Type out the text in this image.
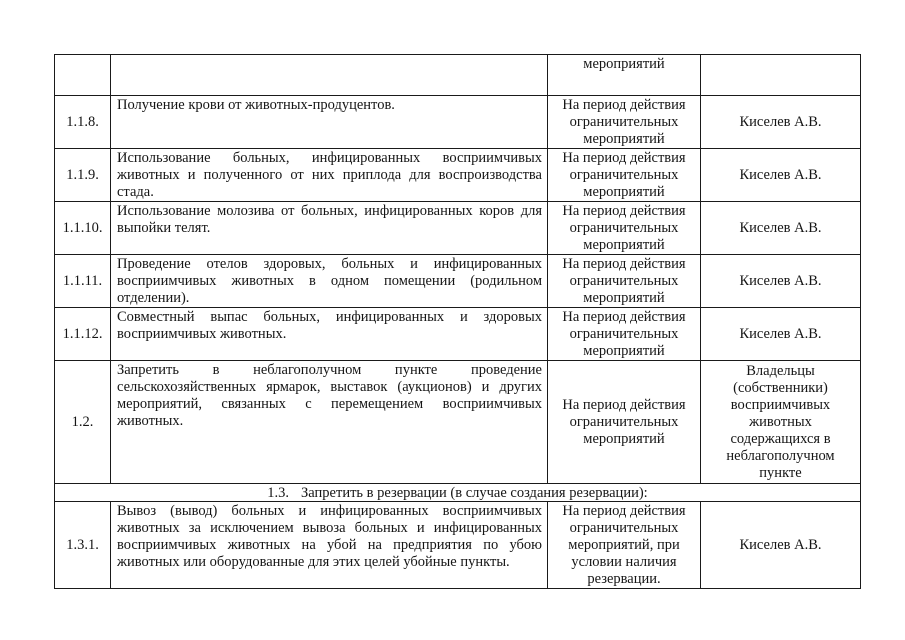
мероприятий
1.1.8.
Получение крови от животных-продуцентов.	На период действия ограничительных мероприятий
Киселев А.В.
1.1.9.
Использование больных, инфицированных восприимчивых животных и полученного от них приплода для воспроизводства стада.
На период действия ограничительных мероприятий
Киселев А.В.
1.1.10.
Использование молозива от больных, инфицированных коров для выпойки телят.
На период действия ограничительных мероприятий
Киселев А.В.
1.1.11.
Проведение отелов здоровых, больных и инфицированных восприимчивых животных в одном помещении (родильном отделении).
На период действия ограничительных мероприятий
Киселев А.В.
1.1.12.
Совместный выпас больных, инфицированных и здоровых восприимчивых животных.
На период действия ограничительных мероприятий
Киселев А.В.
1.2.
Запретить в неблагополучном пункте проведение сельскохозяйственных ярмарок, выставок (аукционов) и других мероприятий, связанных с перемещением восприимчивых животных.
На период действия ограничительных мероприятий
Владельцы (собственники) восприимчивых животных содержащихся в неблагополучном пункте
1.3. Запретить в резервации (в случае создания резервации):
1.3.1.
Вывоз (вывод) больных и инфицированных восприимчивых животных за исключением вывоза больных и инфицированных восприимчивых животных на убой на предприятия по убою животных или оборудованные для этих целей убойные пункты.
На период действия ограничительных мероприятий, при условии наличия резервации.
Киселев А.В.
